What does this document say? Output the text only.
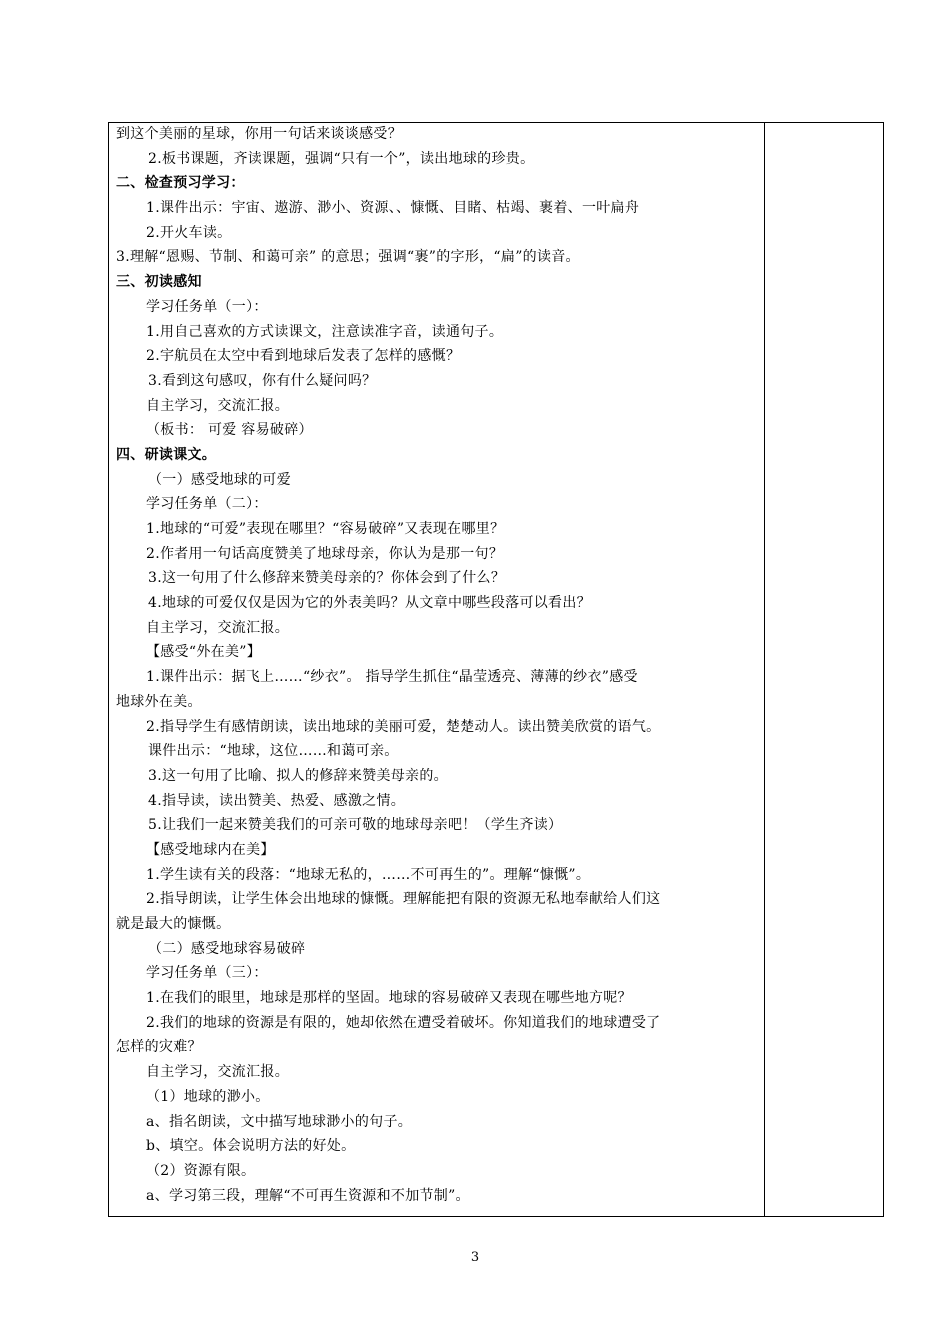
到这个美丽的星球，你用一句话来谈谈感受？
2.板书课题，齐读课题，强调“只有一个”，读出地球的珍贵。
二、检查预习学习：
1.课件出示：宇宙、遨游、渺小、资源、、慷慨、目睹、枯竭、裹着、一叶扁舟
2.开火车读。
3.理解“恩赐、节制、和蔼可亲” 的意思；强调“裹”的字形，“扁”的读音。
三、初读感知
学习任务单（一）：
1.用自己喜欢的方式读课文，注意读准字音，读通句子。
2.宇航员在太空中看到地球后发表了怎样的感慨？
3.看到这句感叹，你有什么疑问吗？
自主学习，交流汇报。
（板书： 可爱 容易破碎）
四、研读课文。
（一）感受地球的可爱
学习任务单（二）：
1.地球的“可爱”表现在哪里？“容易破碎”又表现在哪里？
2.作者用一句话高度赞美了地球母亲，你认为是那一句？
3.这一句用了什么修辞来赞美母亲的？你体会到了什么？
4.地球的可爱仅仅是因为它的外表美吗？从文章中哪些段落可以看出？
自主学习，交流汇报。
【感受“外在美”】
1.课件出示：据飞上……“纱衣”。 指导学生抓住“晶莹透亮、薄薄的纱衣”感受
地球外在美。
2.指导学生有感情朗读，读出地球的美丽可爱，楚楚动人。读出赞美欣赏的语气。
课件出示：“地球，这位……和蔼可亲。
3.这一句用了比喻、拟人的修辞来赞美母亲的。
4.指导读，读出赞美、热爱、感激之情。
5.让我们一起来赞美我们的可亲可敬的地球母亲吧！（学生齐读）
【感受地球内在美】
1.学生读有关的段落：“地球无私的，……不可再生的”。理解“慷慨”。
2.指导朗读，让学生体会出地球的慷慨。理解能把有限的资源无私地奉献给人们这
就是最大的慷慨。
（二）感受地球容易破碎
学习任务单（三）：
1.在我们的眼里，地球是那样的坚固。地球的容易破碎又表现在哪些地方呢？
2.我们的地球的资源是有限的，她却依然在遭受着破坏。你知道我们的地球遭受了
怎样的灾难？
自主学习，交流汇报。
（1）地球的渺小。
a、指名朗读，文中描写地球渺小的句子。
b、填空。体会说明方法的好处。
（2）资源有限。
a、学习第三段，理解“不可再生资源和不加节制”。
3
